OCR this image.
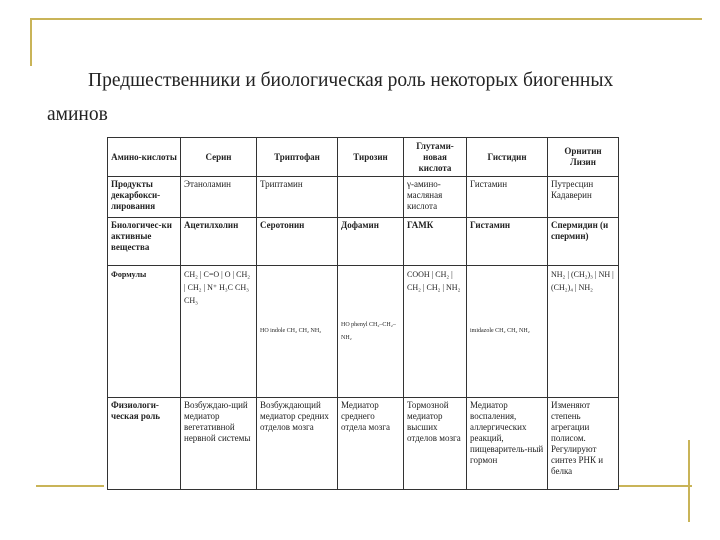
Предшественники и биологическая роль некоторых биогенных аминов
Амино-кислоты	Серин	Триптофан	Тирозин	Глутами-новая кислота	Гистидин	Орнитин Лизин
Продукты декарбокси-лирования	Этаноламин	Триптамин		γ-амино-масляная кислота	Гистамин	Путресцин Кадаверин
Биологичес-ки активные вещества	Ацетилхолин	Серотонин	Дофамин	ГАМК	Гистамин	Спермидин (и спермин)
Формулы	CH₂ | C=O | O | CH₂ | CH₂ | N⁺ H₃C CH₃ CH₃	HO indole CH₂ CH₂ NH₂	HO phenyl CH₂–CH₂–NH₂	COOH | CH₂ | CH₂ | CH₂ | NH₂	imidazole CH₂ CH₂ NH₂	NH₂ | (CH₂)₃ | NH | (CH₂)₄ | NH₂
Физиологи-ческая роль	Возбуждаю-щий медиатор вегетативной нервной системы	Возбуждающий медиатор средних отделов мозга	Медиатор среднего отдела мозга	Тормозной медиатор высших отделов мозга	Медиатор воспаления, аллергических реакций, пищеваритель-ный гормон	Изменяют степень агрегации полисом. Регулируют синтез РНК и белка
